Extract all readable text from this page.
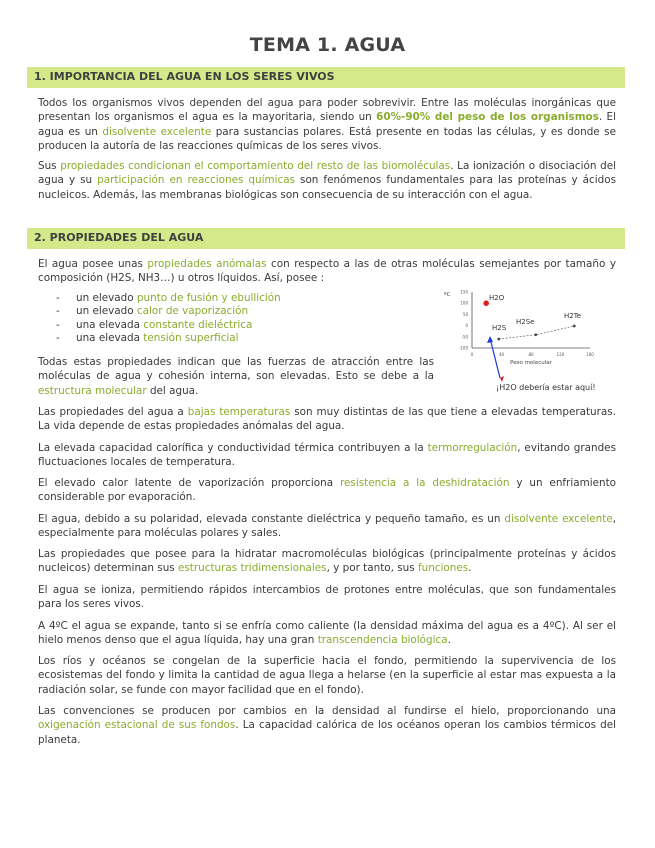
TEMA 1. AGUA
1. IMPORTANCIA DEL AGUA EN LOS SERES VIVOS

Todos los organismos vivos dependen del agua para poder sobrevivir. Entre las moléculas inorgánicas que presentan los organismos el agua es la mayoritaria, siendo un 60%-90% del peso de los organismos. El agua es un disolvente excelente para sustancias polares. Está presente en todas las células, y es donde se producen la autoría de las reacciones químicas de los seres vivos.

Sus propiedades condicionan el comportamiento del resto de las biomoléculas. La ionización o disociación del agua y su participación en reacciones químicas son fenómenos fundamentales para las proteínas y ácidos nucleicos. Además, las membranas biológicas son consecuencia de su interacción con el agua.

2. PROPIEDADES DEL AGUA

El agua posee unas propiedades anómalas con respecto a las de otras moléculas semejantes por tamaño y composición (H2S, NH3…) u otros líquidos. Así, posee :

- un elevado punto de fusión y ebullición
- un elevado calor de vaporización
- una elevada constante dieléctrica
- una elevada tensión superficial
ºC 150
100
50
0
-50
-100
0	40	80	120	160
Peso molecular
H2O
H2S
H2Se
H2Te
¡H2O debería estar aquí!

Todas estas propiedades indican que las fuerzas de atracción entre las moléculas de agua y cohesión interna, son elevadas. Esto se debe a la estructura molecular del agua.

Las propiedades del agua a bajas temperaturas son muy distintas de las que tiene a elevadas temperaturas. La vida depende de estas propiedades anómalas del agua.

La elevada capacidad calorífica y conductividad térmica contribuyen a la termorregulación, evitando grandes fluctuaciones locales de temperatura.

El elevado calor latente de vaporización proporciona resistencia a la deshidratación y un enfriamiento considerable por evaporación.

El agua, debido a su polaridad, elevada constante dieléctrica y pequeño tamaño, es un disolvente excelente, especialmente para moléculas polares y sales.

Las propiedades que posee para la hidratar macromoléculas biológicas (principalmente proteínas y ácidos nucleicos) determinan sus estructuras tridimensionales, y por tanto, sus funciones.

El agua se ioniza, permitiendo rápidos intercambios de protones entre moléculas, que son fundamentales para los seres vivos.

A 4ºC el agua se expande, tanto si se enfría como caliente (la densidad máxima del agua es a 4ºC). Al ser el hielo menos denso que el agua líquida, hay una gran transcendencia biológica.

Los ríos y océanos se congelan de la superficie hacia el fondo, permitiendo la supervivencia de los ecosistemas del fondo y limita la cantidad de agua llega a helarse (en la superficie al estar mas expuesta a la radiación solar, se funde con mayor facilidad que en el fondo).

Las convenciones se producen por cambios en la densidad al fundirse el hielo, proporcionando una oxigenación estacional de sus fondos. La capacidad calórica de los océanos operan los cambios térmicos del planeta.
